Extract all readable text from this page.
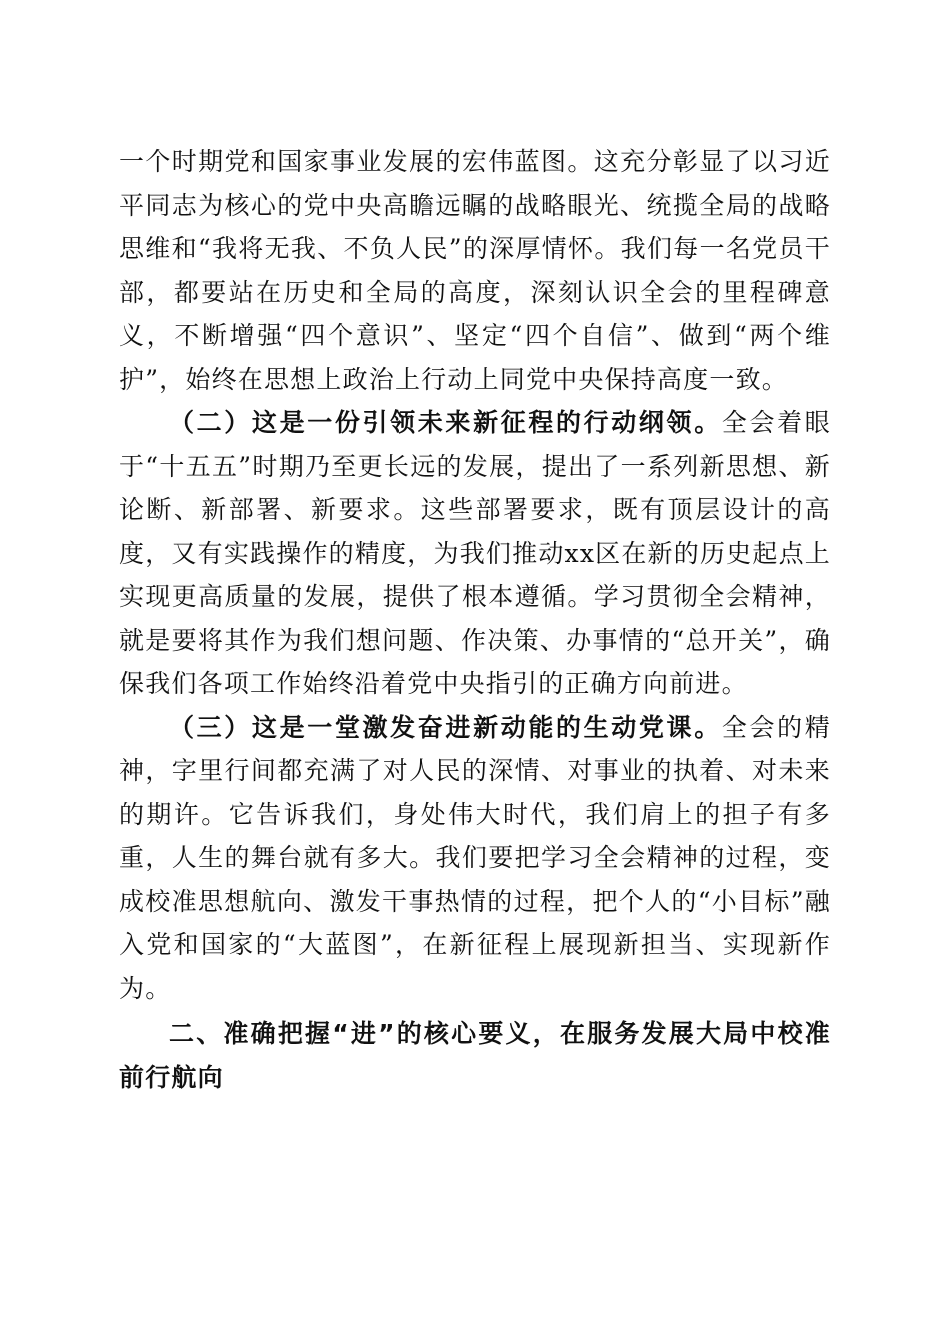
一个时期党和国家事业发展的宏伟蓝图。这充分彰显了以习近平同志为核心的党中央高瞻远瞩的战略眼光、统揽全局的战略思维和“我将无我、不负人民”的深厚情怀。我们每一名党员干部，都要站在历史和全局的高度，深刻认识全会的里程碑意义，不断增强“四个意识”、坚定“四个自信”、做到“两个维护”，始终在思想上政治上行动上同党中央保持高度一致。

（二）这是一份引领未来新征程的行动纲领。全会着眼于“十五五”时期乃至更长远的发展，提出了一系列新思想、新论断、新部署、新要求。这些部署要求，既有顶层设计的高度，又有实践操作的精度，为我们推动xx区在新的历史起点上实现更高质量的发展，提供了根本遵循。学习贯彻全会精神，就是要将其作为我们想问题、作决策、办事情的“总开关”，确保我们各项工作始终沿着党中央指引的正确方向前进。

（三）这是一堂激发奋进新动能的生动党课。全会的精神，字里行间都充满了对人民的深情、对事业的执着、对未来的期许。它告诉我们，身处伟大时代，我们肩上的担子有多重，人生的舞台就有多大。我们要把学习全会精神的过程，变成校准思想航向、激发干事热情的过程，把个人的“小目标”融入党和国家的“大蓝图”，在新征程上展现新担当、实现新作为。

二、准确把握“进”的核心要义，在服务发展大局中校准前行航向
